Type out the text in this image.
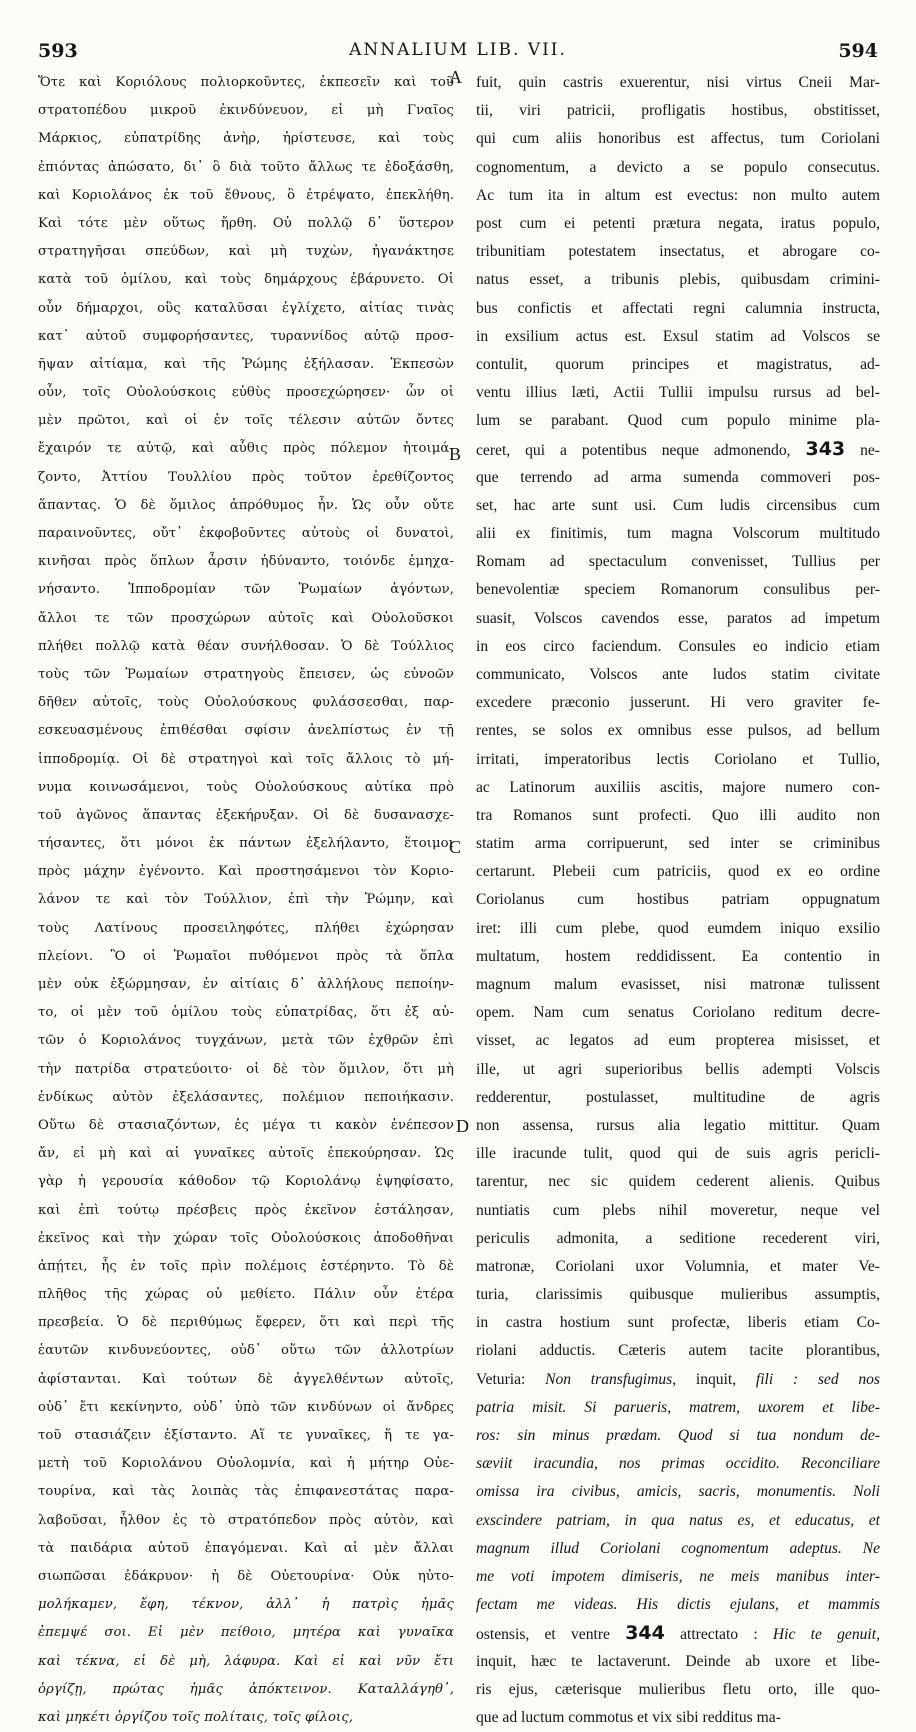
593	ANNALIUM LIB. VII.	594
A
B
C
D
Ὅτε καὶ Κοριόλους πολιορκοῦντες, ἐκπεσεῖν καὶ τοῦ
στρατοπέδου μικροῦ ἐκινδύνευον, εἰ μὴ Γναῖος
Μάρκιος, εὐπατρίδης ἀνὴρ, ἠρίστευσε, καὶ τοὺς
ἐπιόντας ἀπώσατο, δι᾽ ὃ διὰ τοῦτο ἄλλως τε ἐδοξάσθη,
καὶ Κοριολάνος ἐκ τοῦ ἔθνους, ὃ ἐτρέψατο, ἐπεκλήθη.
Καὶ τότε μὲν οὕτως ἤρθη. Οὐ πολλῷ δ᾽ ὕστερον
στρατηγῆσαι σπεύδων, καὶ μὴ τυχὼν, ἠγανάκτησε
κατὰ τοῦ ὁμίλου, καὶ τοὺς δημάρχους ἐβάρυνετο. Οἱ
οὖν δήμαρχοι, οὓς καταλῦσαι ἐγλίχετο, αἰτίας τινὰς
κατ᾽ αὐτοῦ συμφορήσαντες, τυραννίδος αὐτῷ προσ-
ῆψαν αἰτίαμα, καὶ τῆς Ῥώμης ἐξήλασαν. Ἐκπεσὼν
οὖν, τοῖς Οὐολούσκοις εὐθὺς προσεχώρησεν· ὧν οἱ
μὲν πρῶτοι, καὶ οἱ ἐν τοῖς τέλεσιν αὐτῶν ὄντες
ἔχαιρόν τε αὐτῷ, καὶ αὖθις πρὸς πόλεμον ἡτοιμά-
ζοντο, Ἀττίου Τουλλίου πρὸς τοῦτον ἐρεθίζοντος
ἅπαντας. Ὁ δὲ ὅμιλος ἀπρόθυμος ἦν. Ὡς οὖν οὔτε
παραινοῦντες, οὔτ᾽ ἐκφοβοῦντες αὐτοὺς οἱ δυνατοὶ,
κινῆσαι πρὸς ὅπλων ἆρσιν ἠδύναντο, τοιόνδε ἐμηχα-
νήσαντο. Ἱπποδρομίαν τῶν Ῥωμαίων ἀγόντων,
ἄλλοι τε τῶν προσχώρων αὐτοῖς καὶ Οὐολοῦσκοι
πλήθει πολλῷ κατὰ θέαν συνήλθοσαν. Ὁ δὲ Τούλλιος
τοὺς τῶν Ῥωμαίων στρατηγοὺς ἔπεισεν, ὡς εὐνοῶν
δῆθεν αὐτοῖς, τοὺς Οὐολούσκους φυλάσσεσθαι, παρ-
εσκευασμένους ἐπιθέσθαι σφίσιν ἀνελπίστως ἐν τῇ
ἱπποδρομίᾳ. Οἱ δὲ στρατηγοὶ καὶ τοῖς ἄλλοις τὸ μή-
νυμα κοινωσάμενοι, τοὺς Οὐολούσκους αὐτίκα πρὸ
τοῦ ἀγῶνος ἅπαντας ἐξεκήρυξαν. Οἱ δὲ δυσανασχε-
τήσαντες, ὅτι μόνοι ἐκ πάντων ἐξελήλαντο, ἕτοιμοι
πρὸς μάχην ἐγένοντο. Καὶ προστησάμενοι τὸν Κοριο-
λάνον τε καὶ τὸν Τούλλιον, ἐπὶ τὴν Ῥώμην, καὶ
τοὺς Λατίνους προσειληφότες, πλήθει ἐχώρησαν
πλείονι. Ὃ οἱ Ῥωμαῖοι πυθόμενοι πρὸς τὰ ὅπλα
μὲν οὐκ ἐξώρμησαν, ἐν αἰτίαις δ᾽ ἀλλήλους πεποίην-
το, οἱ μὲν τοῦ ὁμίλου τοὺς εὐπατρίδας, ὅτι ἐξ αὐ-
τῶν ὁ Κοριολάνος τυγχάνων, μετὰ τῶν ἐχθρῶν ἐπὶ
τὴν πατρίδα στρατεύοιτο· οἱ δὲ τὸν ὅμιλον, ὅτι μὴ
ἐνδίκως αὐτὸν ἐξελάσαντες, πολέμιον πεποιήκασιν.
Οὕτω δὲ στασιαζόντων, ἐς μέγα τι κακὸν ἐνέπεσον
ἄν, εἰ μὴ καὶ αἱ γυναῖκες αὐτοῖς ἐπεκούρησαν. Ὡς
γὰρ ἡ γερουσία κάθοδον τῷ Κοριολάνῳ ἐψηφίσατο,
καὶ ἐπὶ τούτῳ πρέσβεις πρὸς ἐκεῖνον ἐστάλησαν,
ἐκεῖνος καὶ τὴν χώραν τοῖς Οὐολούσκοις ἀποδοθῆναι
ἀπῄτει, ἧς ἐν τοῖς πρὶν πολέμοις ἐστέρηντο. Τὸ δὲ
πλῆθος τῆς χώρας οὐ μεθίετο. Πάλιν οὖν ἑτέρα
πρεσβεία. Ὁ δὲ περιθύμως ἔφερεν, ὅτι καὶ περὶ τῆς
ἑαυτῶν κινδυνεύοντες, οὐδ᾽ οὕτω τῶν ἀλλοτρίων
ἀφίστανται. Καὶ τούτων δὲ ἀγγελθέντων αὐτοῖς,
οὐδ᾽ ἔτι κεκίνηντο, οὐδ᾽ ὑπὸ τῶν κινδύνων οἱ ἄνδρες
τοῦ στασιάζειν ἐξίσταντο. Αἵ τε γυναῖκες, ἥ τε γα-
μετὴ τοῦ Κοριολάνου Οὐολομνία, καὶ ἡ μήτηρ Οὐε-
τουρίνα, καὶ τὰς λοιπὰς τὰς ἐπιφανεστάτας παρα-
λαβοῦσαι, ἦλθον ἐς τὸ στρατόπεδον πρὸς αὐτὸν, καὶ
τὰ παιδάρια αὐτοῦ ἐπαγόμεναι. Καὶ αἱ μὲν ἄλλαι
σιωπῶσαι ἐδάκρυον· ἡ δὲ Οὐετουρίνα· Οὐκ ηὐτο-
μολήκαμεν, ἔφη, τέκνον, ἀλλ᾽ ἡ πατρὶς ἡμᾶς
ἐπεμψέ σοι. Εἰ μὲν πείθοιο, μητέρα καὶ γυναῖκα
καὶ τέκνα, εἰ δὲ μὴ, λάφυρα. Καὶ εἰ καὶ νῦν ἔτι
ὀργίζῃ, πρώτας ἡμᾶς ἀπόκτεινον. Καταλλάγηθ᾽,
καὶ μηκέτι ὀργίζου τοῖς πολίταις, τοῖς φίλοις,
fuit, quin castris exuerentur, nisi virtus Cneii Mar-
tii, viri patricii, profligatis hostibus, obstitisset,
qui cum aliis honoribus est affectus, tum Coriolani
cognomentum, a devicto a se populo consecutus.
Ac tum ita in altum est evectus: non multo autem
post cum ei petenti prætura negata, iratus populo,
tribunitiam potestatem insectatus, et abrogare co-
natus esset, a tribunis plebis, quibusdam crimini-
bus confictis et affectati regni calumnia instructa,
in exsilium actus est. Exsul statim ad Volscos se
contulit, quorum principes et magistratus, ad-
ventu illius læti, Actii Tullii impulsu rursus ad bel-
lum se parabant. Quod cum populo minime pla-
ceret, qui a potentibus neque admonendo, 343 ne-
que terrendo ad arma sumenda commoveri pos-
set, hac arte sunt usi. Cum ludis circensibus cum
alii ex finitimis, tum magna Volscorum multitudo
Romam ad spectaculum convenisset, Tullius per
benevolentiæ speciem Romanorum consulibus per-
suasit, Volscos cavendos esse, paratos ad impetum
in eos circo faciendum. Consules eo indicio etiam
communicato, Volscos ante ludos statim civitate
excedere præconio jusserunt. Hi vero graviter fe-
rentes, se solos ex omnibus esse pulsos, ad bellum
irritati, imperatoribus lectis Coriolano et Tullio,
ac Latinorum auxiliis ascitis, majore numero con-
tra Romanos sunt profecti. Quo illi audito non
statim arma corripuerunt, sed inter se criminibus
certarunt. Plebeii cum patriciis, quod ex eo ordine
Coriolanus cum hostibus patriam oppugnatum
iret: illi cum plebe, quod eumdem iniquo exsilio
multatum, hostem reddidissent. Ea contentio in
magnum malum evasisset, nisi matronæ tulissent
opem. Nam cum senatus Coriolano reditum decre-
visset, ac legatos ad eum propterea misisset, et
ille, ut agri superioribus bellis adempti Volscis
redderentur, postulasset, multitudine de agris
non assensa, rursus alia legatio mittitur. Quam
ille iracunde tulit, quod qui de suis agris pericli-
tarentur, nec sic quidem cederent alienis. Quibus
nuntiatis cum plebs nihil moveretur, neque vel
periculis admonita, a seditione recederent viri,
matronæ, Coriolani uxor Volumnia, et mater Ve-
turia, clarissimis quibusque mulieribus assumptis,
in castra hostium sunt profectæ, liberis etiam Co-
riolani adductis. Cæteris autem tacite plorantibus,
Veturia: Non transfugimus, inquit, fili : sed nos
patria misit. Si parueris, matrem, uxorem et libe-
ros: sin minus prædam. Quod si tua nondum de-
sæviit iracundia, nos primas occidito. Reconciliare
omissa ira civibus, amicis, sacris, monumentis. Noli
exscindere patriam, in qua natus es, et educatus, et
magnum illud Coriolani cognomentum adeptus. Ne
me voti impotem dimiseris, ne meis manibus inter-
fectam me videas. His dictis ejulans, et mammis
ostensis, et ventre 344 attrectato : Hic te genuit,
inquit, hæc te lactaverunt. Deinde ab uxore et libe-
ris ejus, cæterisque mulieribus fletu orto, ille quo-
que ad luctum commotus et vix sibi redditus ma-
